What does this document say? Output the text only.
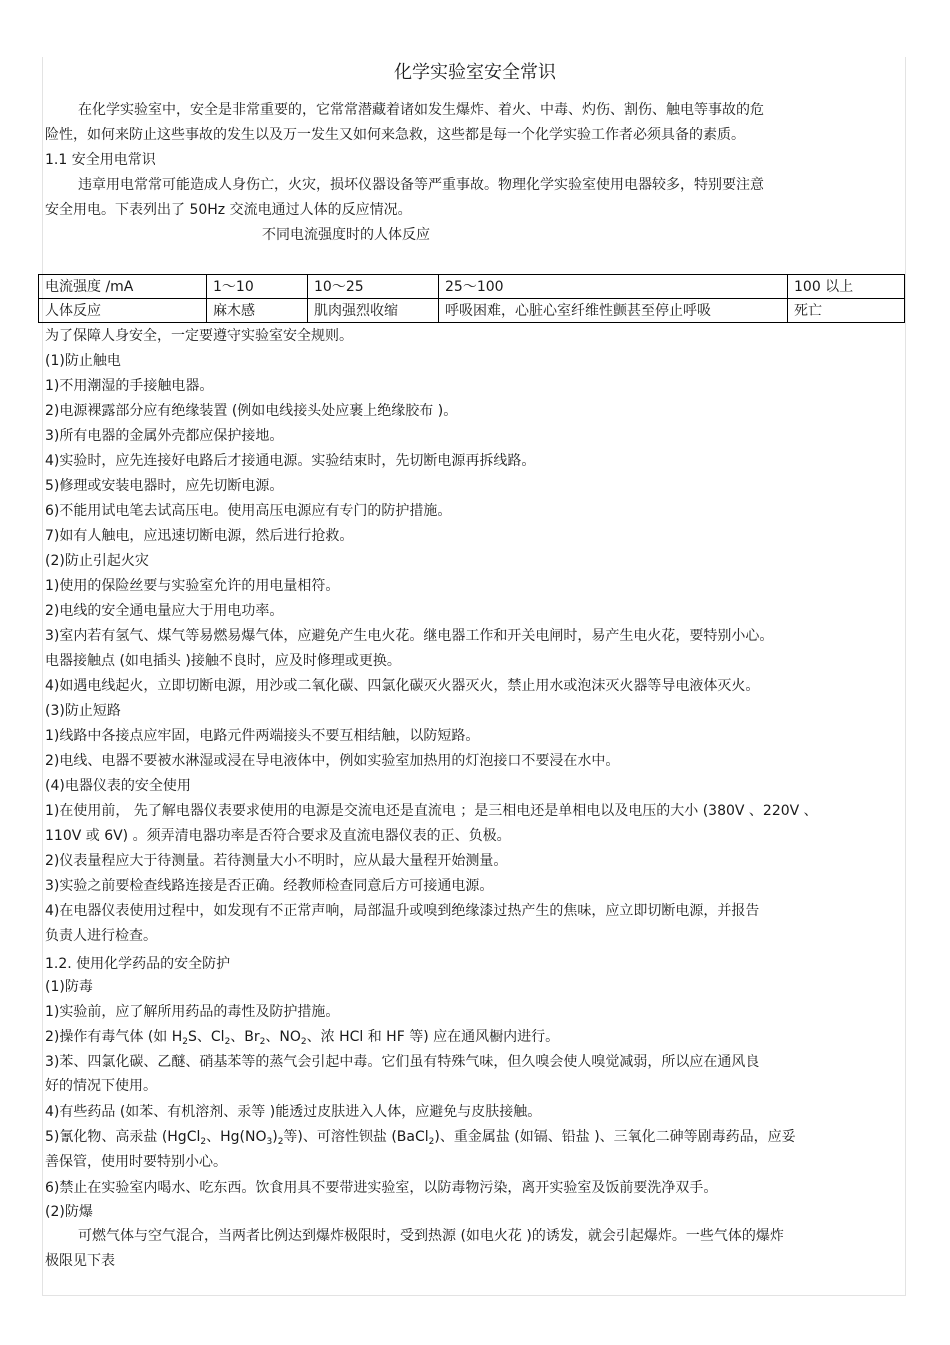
化学实验室安全常识
在化学实验室中，安全是非常重要的，它常常潜藏着诸如发生爆炸、着火、中毒、灼伤、割伤、触电等事故的危
险性，如何来防止这些事故的发生以及万一发生又如何来急救，这些都是每一个化学实验工作者必须具备的素质。
1.1 安全用电常识
违章用电常常可能造成人身伤亡，火灾，损坏仪器设备等严重事故。物理化学实验室使用电器较多，特别要注意
安全用电。下表列出了 50Hz 交流电通过人体的反应情况。
不同电流强度时的人体反应
电流强度 /mA	1～10	10～25	25～100	100 以上
人体反应	麻木感	肌肉强烈收缩	呼吸困难，心脏心室纤维性颤甚至停止呼吸	死亡
为了保障人身安全，一定要遵守实验室安全规则。
(1)防止触电
1)不用潮湿的手接触电器。
2)电源裸露部分应有绝缘装置 (例如电线接头处应裹上绝缘胶布 )。
3)所有电器的金属外壳都应保护接地。
4)实验时，应先连接好电路后才接通电源。实验结束时，先切断电源再拆线路。
5)修理或安装电器时，应先切断电源。
6)不能用试电笔去试高压电。使用高压电源应有专门的防护措施。
7)如有人触电，应迅速切断电源，然后进行抢救。
(2)防止引起火灾
1)使用的保险丝要与实验室允许的用电量相符。
2)电线的安全通电量应大于用电功率。
3)室内若有氢气、煤气等易燃易爆气体，应避免产生电火花。继电器工作和开关电闸时，易产生电火花，要特别小心。
电器接触点 (如电插头 )接触不良时，应及时修理或更换。
4)如遇电线起火，立即切断电源，用沙或二氧化碳、四氯化碳灭火器灭火，禁止用水或泡沫灭火器等导电液体灭火。
(3)防止短路
1)线路中各接点应牢固，电路元件两端接头不要互相结触，以防短路。
2)电线、电器不要被水淋湿或浸在导电液体中，例如实验室加热用的灯泡接口不要浸在水中。
(4)电器仪表的安全使用
1)在使用前， 先了解电器仪表要求使用的电源是交流电还是直流电 ；是三相电还是单相电以及电压的大小 (380V 、220V 、
110V 或 6V) 。须弄清电器功率是否符合要求及直流电器仪表的正、负极。
2)仪表量程应大于待测量。若待测量大小不明时，应从最大量程开始测量。
3)实验之前要检查线路连接是否正确。经教师检查同意后方可接通电源。
4)在电器仪表使用过程中，如发现有不正常声响，局部温升或嗅到绝缘漆过热产生的焦味，应立即切断电源，并报告
负责人进行检查。
1.2. 使用化学药品的安全防护
(1)防毒
1)实验前，应了解所用药品的毒性及防护措施。
2)操作有毒气体 (如 $H_2S$、$Cl_2$、$Br_2$、$NO_2$、浓 HCl 和 HF 等) 应在通风橱内进行。
3)苯、四氯化碳、乙醚、硝基苯等的蒸气会引起中毒。它们虽有特殊气味，但久嗅会使人嗅觉减弱，所以应在通风良
好的情况下使用。
4)有些药品 (如苯、有机溶剂、汞等 )能透过皮肤进入人体，应避免与皮肤接触。
5)氰化物、高汞盐 (HgCl$_2$、$Hg(NO_3)_2$等)、可溶性钡盐 (BaCl$_2$)、重金属盐 (如镉、铅盐 )、三氧化二砷等剧毒药品，应妥
善保管，使用时要特别小心。
6)禁止在实验室内喝水、吃东西。饮食用具不要带进实验室，以防毒物污染，离开实验室及饭前要洗净双手。
(2)防爆
可燃气体与空气混合，当两者比例达到爆炸极限时，受到热源 (如电火花 )的诱发，就会引起爆炸。一些气体的爆炸
极限见下表
